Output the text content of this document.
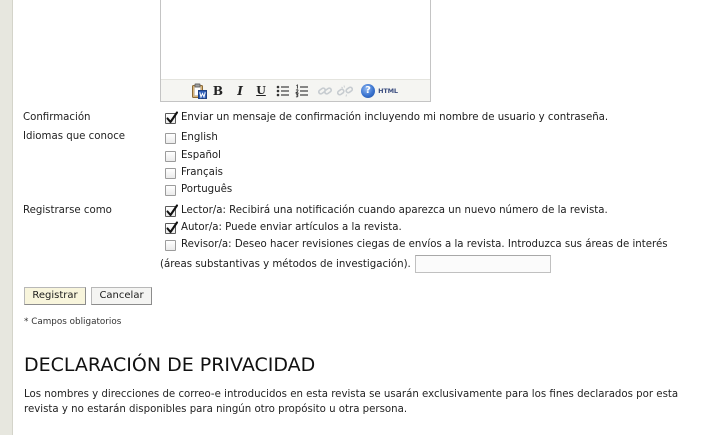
B I U	?	HTML
Confirmación	Enviar un mensaje de confirmación incluyendo mi nombre de usuario y contraseña.
Idiomas que conoce	English
Español
Français
Português
Registrarse como	Lector/a: Recibirá una notificación cuando aparezca un nuevo número de la revista.
Autor/a: Puede enviar artículos a la revista.
Revisor/a: Deseo hacer revisiones ciegas de envíos a la revista. Introduzca sus áreas de interés
(áreas substantivas y métodos de investigación).
Registrar	Cancelar
* Campos obligatorios
DECLARACIÓN DE PRIVACIDAD
Los nombres y direcciones de correo-e introducidos en esta revista se usarán exclusivamente para los fines declarados por esta
revista y no estarán disponibles para ningún otro propósito u otra persona.
